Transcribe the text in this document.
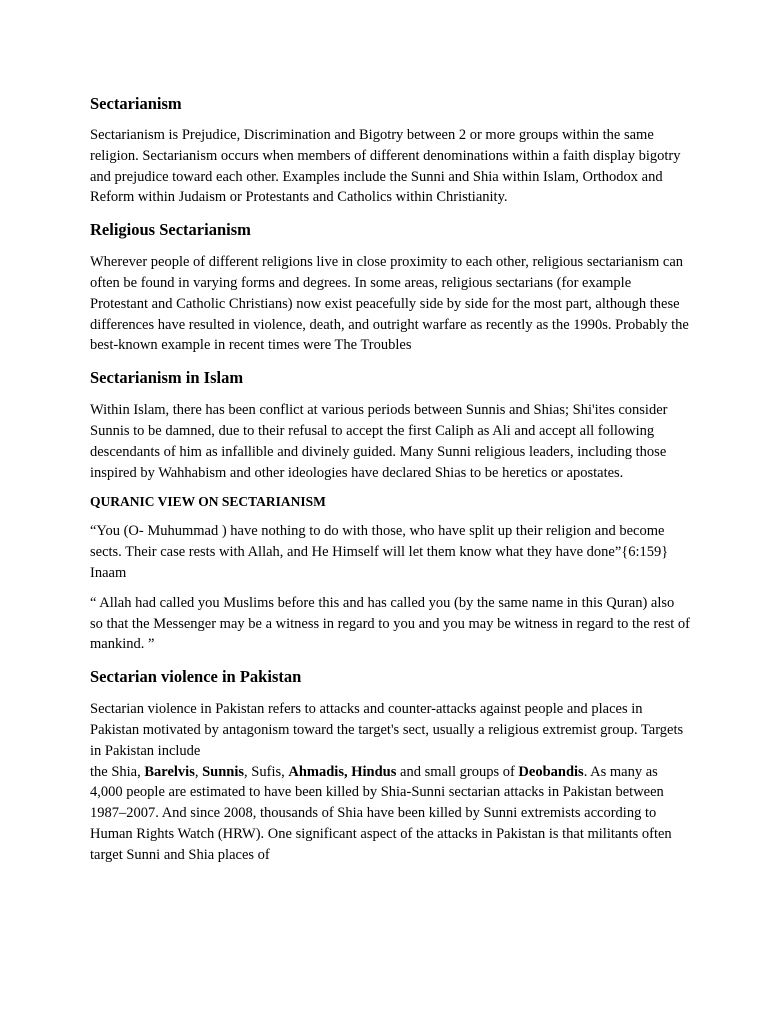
Sectarianism

Sectarianism is Prejudice, Discrimination and Bigotry between 2 or more groups within the same religion. Sectarianism occurs when members of different denominations within a faith display bigotry and prejudice toward each other. Examples include the Sunni and Shia within Islam, Orthodox and Reform within Judaism or Protestants and Catholics within Christianity.

Religious Sectarianism

Wherever people of different religions live in close proximity to each other, religious sectarianism can often be found in varying forms and degrees. In some areas, religious sectarians (for example Protestant and Catholic Christians) now exist peacefully side by side for the most part, although these differences have resulted in violence, death, and outright warfare as recently as the 1990s. Probably the best-known example in recent times were The Troubles

Sectarianism in Islam

Within Islam, there has been conflict at various periods between Sunnis and Shias; Shi'ites consider Sunnis to be damned, due to their refusal to accept the first Caliph as Ali and accept all following descendants of him as infallible and divinely guided. Many Sunni religious leaders, including those inspired by Wahhabism and other ideologies have declared Shias to be heretics or apostates.

QURANIC VIEW ON SECTARIANISM

“You (O- Muhummad ) have nothing to do with those, who have split up their religion and become sects. Their case rests with Allah, and He Himself will let them know what they have done”{6:159} Inaam

“ Allah had called you Muslims before this and has called you (by the same name in this Quran) also so that the Messenger may be a witness in regard to you and you may be witness in regard to the rest of mankind. ”

Sectarian violence in Pakistan

Sectarian violence in Pakistan refers to attacks and counter-attacks against people and places in Pakistan motivated by antagonism toward the target's sect, usually a religious extremist group. Targets in Pakistan include
the Shia, Barelvis, Sunnis, Sufis, Ahmadis, Hindus and small groups of Deobandis. As many as 4,000 people are estimated to have been killed by Shia-Sunni sectarian attacks in Pakistan between 1987–2007. And since 2008, thousands of Shia have been killed by Sunni extremists according to Human Rights Watch (HRW). One significant aspect of the attacks in Pakistan is that militants often target Sunni and Shia places of
